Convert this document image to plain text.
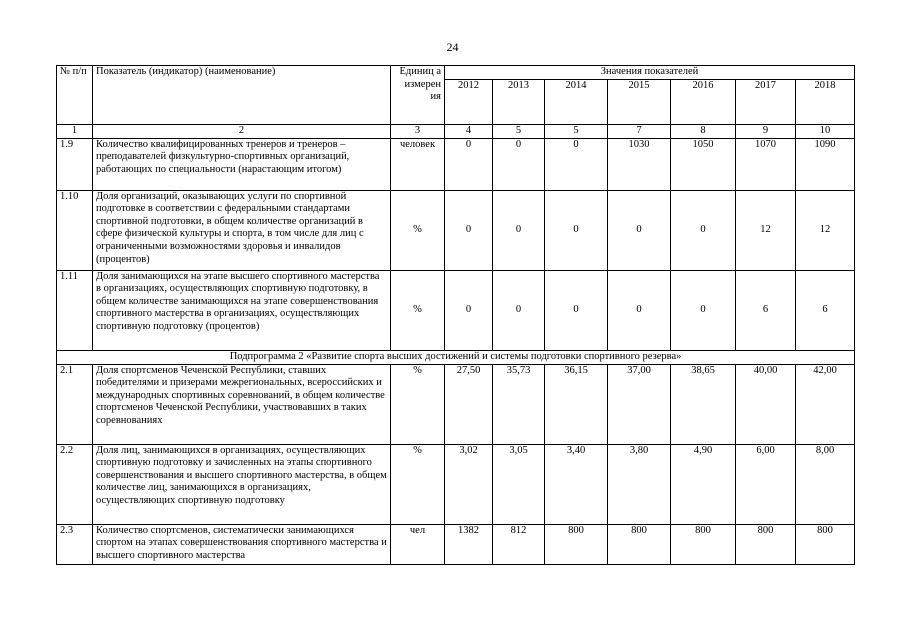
24
№ п/п	Показатель (индикатор) (наименование)	Единиц а измерен ия	Значения показателей						
			2012	2013	2014	2015	2016	2017	2018
1	2	3	4	5	5	7	8	9	10
1.9	Количество квалифицированных тренеров и тренеров – преподавателей физкультурно-спортивных организаций, работающих по специальности (нарастающим итогом)	человек	0	0	0	1030	1050	1070	1090
1.10	Доля организаций, оказывающих услуги по спортивной подготовке в соответствии с федеральными стандартами спортивной подготовки, в общем количестве организаций в сфере физической культуры и спорта, в том числе для лиц с ограниченными возможностями здоровья и инвалидов (процентов)	%	0	0	0	0	0	12	12
1.11	Доля занимающихся на этапе высшего спортивного мастерства в организациях, осуществляющих спортивную подготовку, в общем количестве занимающихся на этапе совершенствования спортивного мастерства в организациях, осуществляющих спортивную подготовку (процентов)	%	0	0	0	0	0	6	6
Подпрограмма 2 «Развитие спорта высших достижений и системы подготовки спортивного резерва»									
2.1	Доля спортсменов Чеченской Республики, ставших победителями и призерами межрегиональных, всероссийских и международных спортивных соревнований, в общем количестве спортсменов Чеченской Республики, участвовавших в таких соревнованиях	%	27,50	35,73	36,15	37,00	38,65	40,00	42,00
2.2	Доля лиц, занимающихся в организациях, осуществляющих спортивную подготовку и зачисленных на этапы спортивного совершенствования и высшего спортивного мастерства, в общем количестве лиц, занимающихся в организациях, осуществляющих спортивную подготовку	%	3,02	3,05	3,40	3,80	4,90	6,00	8,00
2.3	Количество спортсменов, систематически занимающихся спортом на этапах совершенствования спортивного мастерства и высшего спортивного мастерства	чел	1382	812	800	800	800	800	800
